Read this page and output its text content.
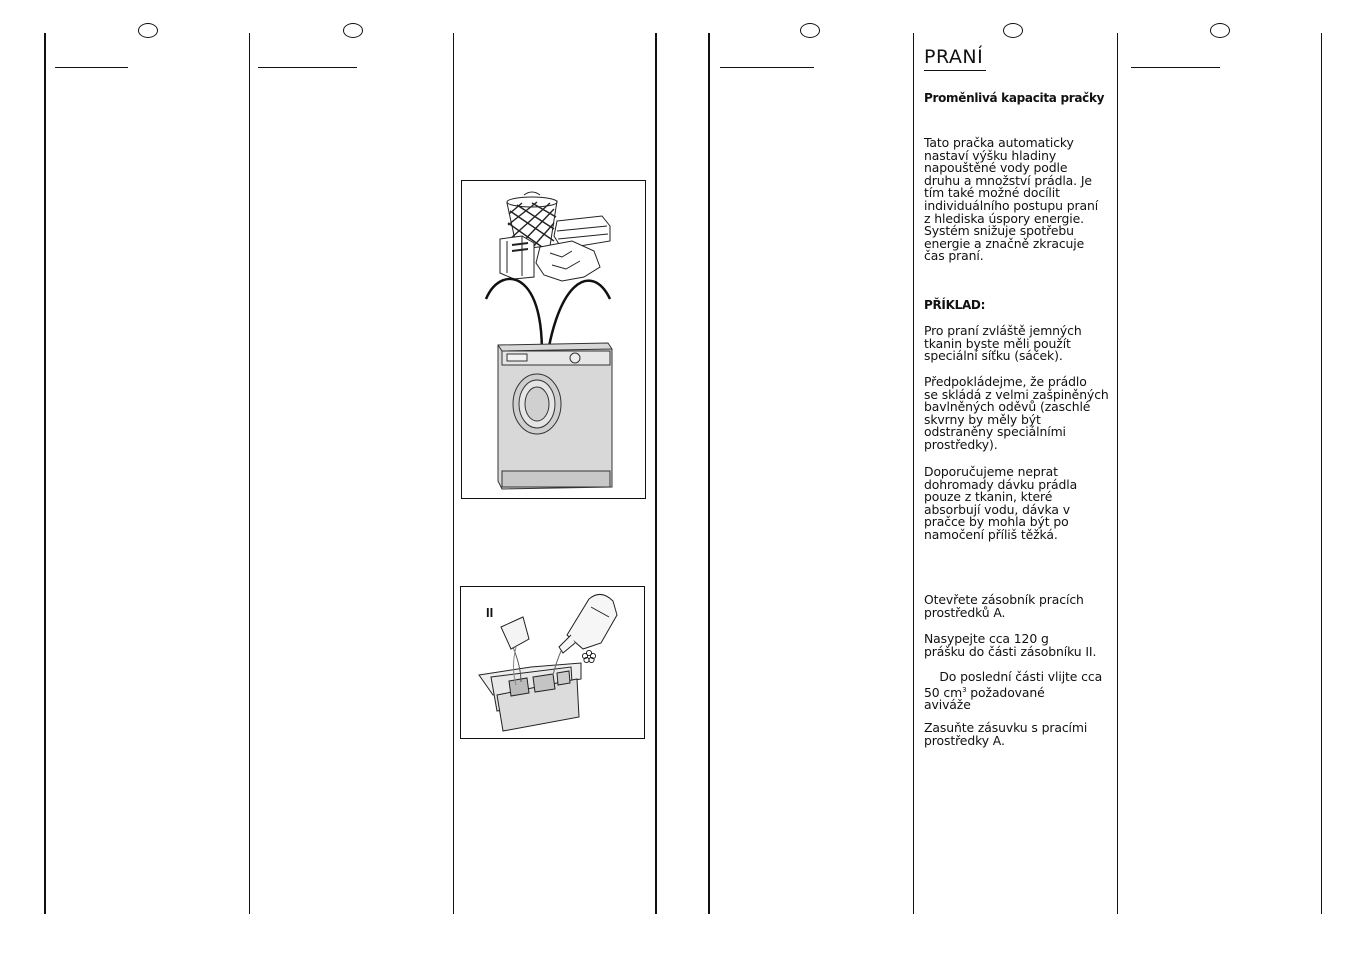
II
PRANÍ
Proměnlivá kapacita pračky
Tato pračka automaticky
nastaví výšku hladiny
napouštěné vody podle
druhu a množství prádla. Je
tím také možné docílit
individuálního postupu praní
z hlediska úspory energie.
Systém snižuje spotřebu
energie a značně zkracuje
čas praní.
PŘÍKLAD:
Pro praní zvláště jemných
tkanin byste měli použít
speciální síťku (sáček).
Předpokládejme, že prádlo
se skládá z velmi zašpiněných
bavlněných oděvů (zaschlé
skvrny by měly být
odstraněny speciálními
prostředky).
Doporučujeme neprat
dohromady dávku prádla
pouze z tkanin, které
absorbují vodu, dávka v
pračce by mohla být po
namočení příliš těžká.
Otevřete zásobník pracích
prostředků A.
Nasypejte cca 120 g
prášku do části zásobníku II.
Do poslední části vlijte cca
50 $cm^3$ požadované
aviváže
Zasuňte zásuvku s pracími
prostředky A.
